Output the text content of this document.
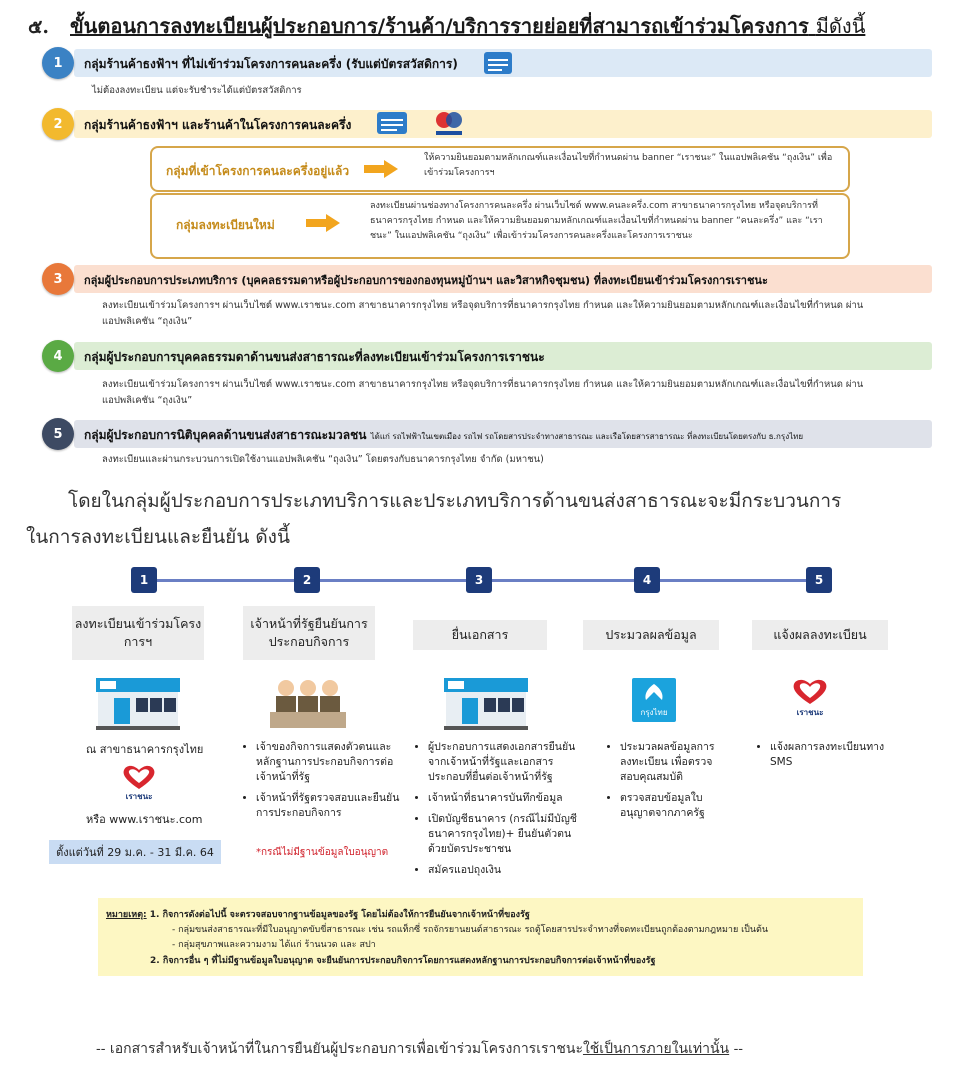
๕. ขั้นตอนการลงทะเบียนผู้ประกอบการ/ร้านค้า/บริการรายย่อยที่สามารถเข้าร่วมโครงการ มีดังนี้
1	กลุ่มร้านค้าธงฟ้าฯ ที่ไม่เข้าร่วมโครงการคนละครึ่ง (รับแต่บัตรสวัสดิการ)
ไม่ต้องลงทะเบียน แต่จะรับชำระได้แต่บัตรสวัสดิการ
2	กลุ่มร้านค้าธงฟ้าฯ และร้านค้าในโครงการคนละครึ่ง
กลุ่มที่เข้าโครงการคนละครึ่งอยู่แล้ว
ให้ความยินยอมตามหลักเกณฑ์และเงื่อนไขที่กำหนดผ่าน banner “เราชนะ” ในแอปพลิเคชัน “ถุงเงิน” เพื่อเข้าร่วมโครงการฯ
กลุ่มลงทะเบียนใหม่
ลงทะเบียนผ่านช่องทางโครงการคนละครึ่ง ผ่านเว็บไซต์ www.คนละครึ่ง.com สาขาธนาคารกรุงไทย หรือจุดบริการที่ธนาคารกรุงไทย กำหนด และให้ความยินยอมตามหลักเกณฑ์และเงื่อนไขที่กำหนดผ่าน banner “คนละครึ่ง” และ “เราชนะ” ในแอปพลิเคชัน “ถุงเงิน” เพื่อเข้าร่วมโครงการคนละครึ่งและโครงการเราชนะ
3	กลุ่มผู้ประกอบการประเภทบริการ (บุคคลธรรมดาหรือผู้ประกอบการของกองทุนหมู่บ้านฯ และวิสาหกิจชุมชน) ที่ลงทะเบียนเข้าร่วมโครงการเราชนะ
ลงทะเบียนเข้าร่วมโครงการฯ ผ่านเว็บไซต์ www.เราชนะ.com สาขาธนาคารกรุงไทย หรือจุดบริการที่ธนาคารกรุงไทย กำหนด และให้ความยินยอมตามหลักเกณฑ์และเงื่อนไขที่กำหนด ผ่านแอปพลิเคชัน “ถุงเงิน”
4	กลุ่มผู้ประกอบการบุคคลธรรมดาด้านขนส่งสาธารณะที่ลงทะเบียนเข้าร่วมโครงการเราชนะ
ลงทะเบียนเข้าร่วมโครงการฯ ผ่านเว็บไซต์ www.เราชนะ.com สาขาธนาคารกรุงไทย หรือจุดบริการที่ธนาคารกรุงไทย กำหนด และให้ความยินยอมตามหลักเกณฑ์และเงื่อนไขที่กำหนด ผ่านแอปพลิเคชัน “ถุงเงิน”
5	กลุ่มผู้ประกอบการนิติบุคคลด้านขนส่งสาธารณะมวลชน ได้แก่ รถไฟฟ้าในเขตเมือง รถไฟ รถโดยสารประจำทางสาธารณะ และเรือโดยสารสาธารณะ ที่ลงทะเบียนโดยตรงกับ ธ.กรุงไทย
ลงทะเบียนและผ่านกระบวนการเปิดใช้งานแอปพลิเคชัน “ถุงเงิน” โดยตรงกับธนาคารกรุงไทย จำกัด (มหาชน)
โดยในกลุ่มผู้ประกอบการประเภทบริการและประเภทบริการด้านขนส่งสาธารณะจะมีกระบวนการ
ในการลงทะเบียนและยืนยัน ดังนี้
1	2	3	4	5
ลงทะเบียนเข้าร่วมโครงการฯ
เจ้าหน้าที่รัฐยืนยันการประกอบกิจการ	ยื่นเอกสาร	ประมวลผลข้อมูล	แจ้งผลลงทะเบียน
กรุงไทย	เราชนะ
ณ สาขาธนาคารกรุงไทย
เราชนะ
หรือ www.เราชนะ.com
ตั้งแต่วันที่ 29 ม.ค. - 31 มี.ค. 64
• เจ้าของกิจการแสดงตัวตนและหลักฐานการประกอบกิจการต่อเจ้าหน้าที่รัฐ
• เจ้าหน้าที่รัฐตรวจสอบและยืนยันการประกอบกิจการ
*กรณีไม่มีฐานข้อมูลใบอนุญาต
• ผู้ประกอบการแสดงเอกสารยืนยันจากเจ้าหน้าที่รัฐและเอกสารประกอบที่ยื่นต่อเจ้าหน้าที่รัฐ
• เจ้าหน้าที่ธนาคารบันทึกข้อมูล
• เปิดบัญชีธนาคาร (กรณีไม่มีบัญชีธนาคารกรุงไทย)+ ยืนยันตัวตนด้วยบัตรประชาชน
• สมัครแอปถุงเงิน
• ประมวลผลข้อมูลการลงทะเบียน เพื่อตรวจสอบคุณสมบัติ
• ตรวจสอบข้อมูลใบอนุญาตจากภาครัฐ
• แจ้งผลการลงทะเบียนทาง SMS
หมายเหตุ: 1. กิจการดังต่อไปนี้ จะตรวจสอบจากฐานข้อมูลของรัฐ โดยไม่ต้องให้การยืนยันจากเจ้าหน้าที่ของรัฐ
- กลุ่มขนส่งสาธารณะที่มีใบอนุญาตขับขี่สาธารณะ เช่น รถแท็กซี่ รถจักรยานยนต์สาธารณะ รถตู้โดยสารประจำทางที่จดทะเบียนถูกต้องตามกฎหมาย เป็นต้น
- กลุ่มสุขภาพและความงาม ได้แก่ ร้านนวด และ สปา
2. กิจการอื่น ๆ ที่ไม่มีฐานข้อมูลใบอนุญาต จะยืนยันการประกอบกิจการโดยการแสดงหลักฐานการประกอบกิจการต่อเจ้าหน้าที่ของรัฐ
-- เอกสารสำหรับเจ้าหน้าที่ในการยืนยันผู้ประกอบการเพื่อเข้าร่วมโครงการเราชนะใช้เป็นการภายในเท่านั้น --
